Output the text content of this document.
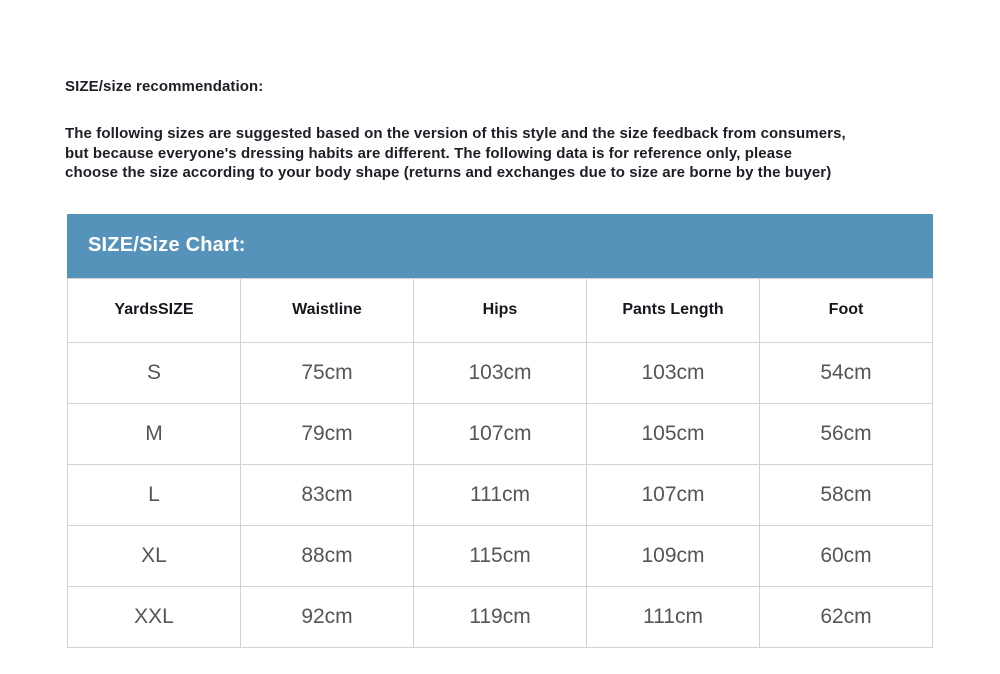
SIZE/size recommendation:
The following sizes are suggested based on the version of this style and the size feedback from consumers,
but because everyone's dressing habits are different. The following data is for reference only, please
choose the size according to your body shape (returns and exchanges due to size are borne by the buyer)
SIZE/Size Chart:
YardsSIZE	Waistline	Hips	Pants Length	Foot
S	75cm	103cm	103cm	54cm
M	79cm	107cm	105cm	56cm
L	83cm	111cm	107cm	58cm
XL	88cm	115cm	109cm	60cm
XXL	92cm	119cm	111cm	62cm
